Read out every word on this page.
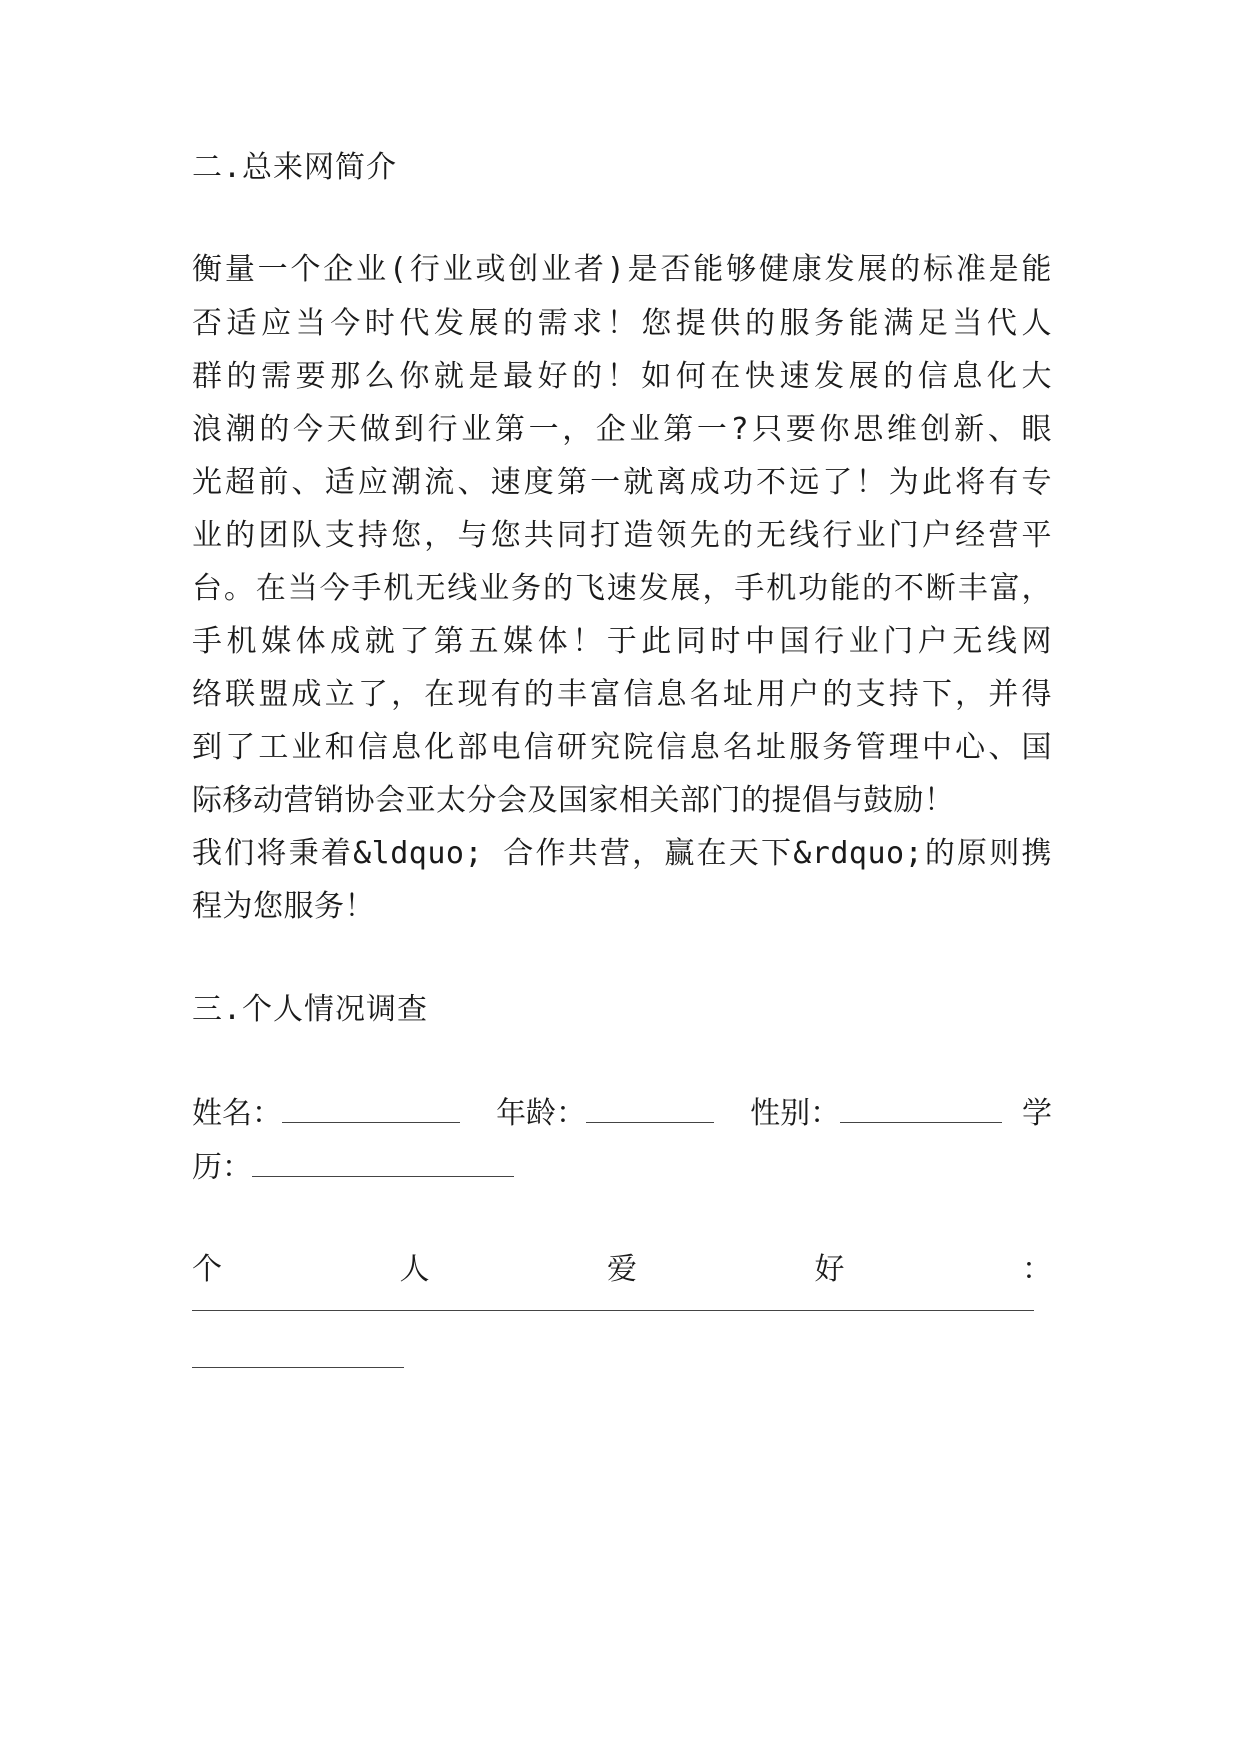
二.总来网简介
衡量一个企业(行业或创业者)是否能够健康发展的标准是能
否适应当今时代发展的需求！您提供的服务能满足当代人
群的需要那么你就是最好的！如何在快速发展的信息化大
浪潮的今天做到行业第一，企业第一?只要你思维创新、眼
光超前、适应潮流、速度第一就离成功不远了！为此将有专
业的团队支持您，与您共同打造领先的无线行业门户经营平
台。在当今手机无线业务的飞速发展，手机功能的不断丰富，
手机媒体成就了第五媒体！于此同时中国行业门户无线网
络联盟成立了，在现有的丰富信息名址用户的支持下，并得
到了工业和信息化部电信研究院信息名址服务管理中心、国
际移动营销协会亚太分会及国家相关部门的提倡与鼓励！
我们将秉着&ldquo; 合作共营，赢在天下&rdquo;的原则携
程为您服务！
三.个人情况调查
姓名：	年龄：	性别：	学
历：
个	人	爱	好	：
